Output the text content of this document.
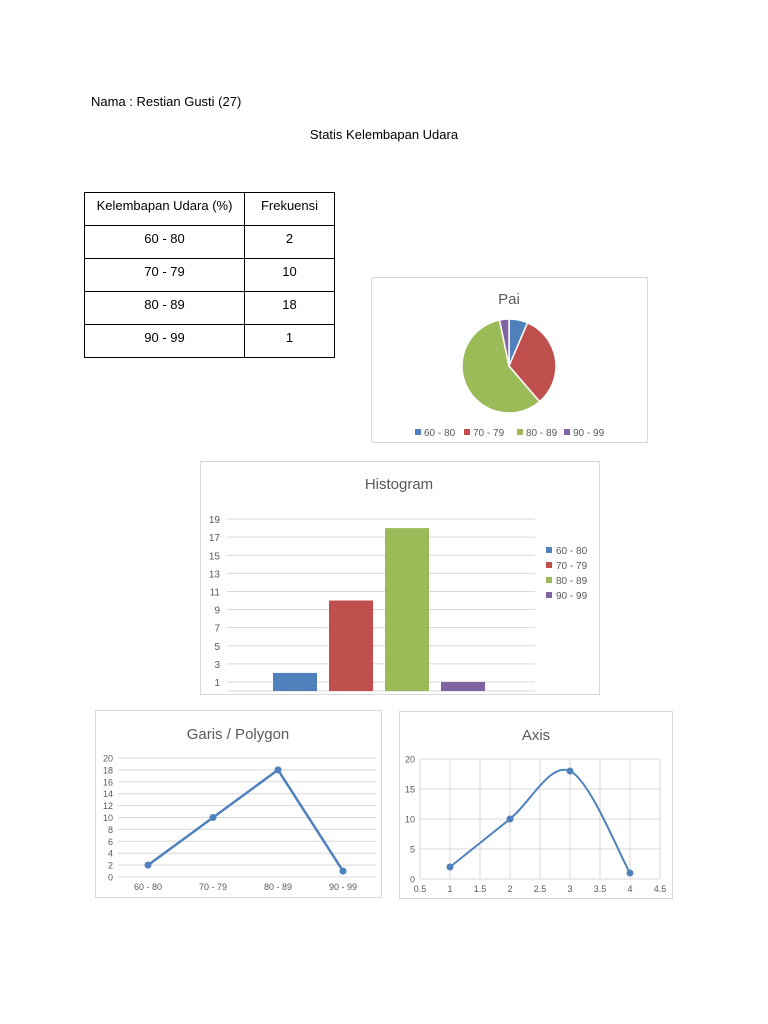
Nama : Restian Gusti (27)
Statis Kelembapan Udara
Kelembapan Udara (%)	Frekuensi
60 - 80	2
70 - 79	10
80 - 89	18
90 - 99	1
Pai
60 - 80 70 - 79 80 - 89 90 - 99
Histogram
1
3
5
7
9
11
13
15
17
19
60 - 80
70 - 79
80 - 89
90 - 99
Garis / Polygon
0
2
4
6
8
10
12
14
16
18
20
60 - 80	70 - 79	80 - 89	90 - 99
Axis
0
5
10
15
20
0.5 1 1.5 2 2.5 3 3.5 4 4.5
